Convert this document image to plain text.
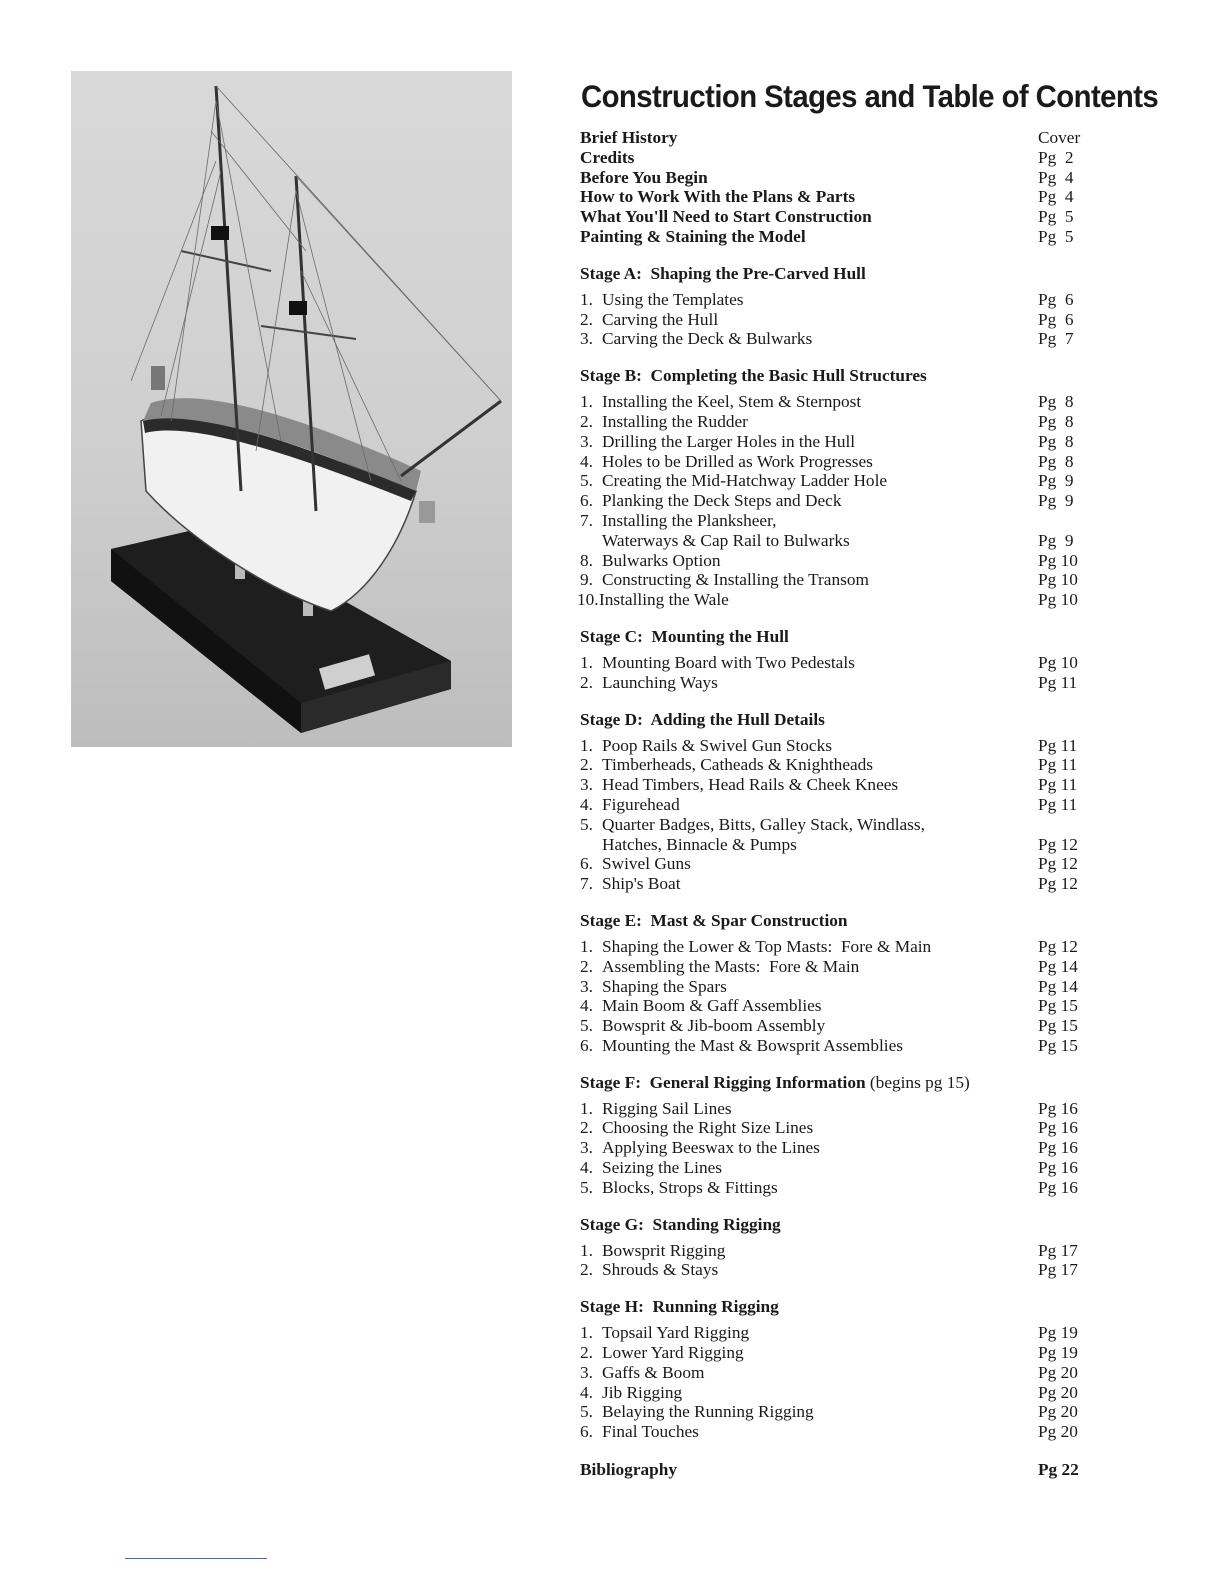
Construction Stages and Table of Contents
Brief History	Cover
Credits	Pg  2
Before You Begin	Pg  4
How to Work With the Plans & Parts	Pg  4
What You'll Need to Start Construction	Pg  5
Painting & Staining the Model	Pg  5
Stage A:  Shaping the Pre-Carved Hull
1. Using the Templates	Pg  6
2. Carving the Hull	Pg  6
3. Carving the Deck & Bulwarks	Pg  7
Stage B:  Completing the Basic Hull Structures
1. Installing the Keel, Stem & Sternpost	Pg  8
2. Installing the Rudder	Pg  8
3. Drilling the Larger Holes in the Hull	Pg  8
4. Holes to be Drilled as Work Progresses	Pg  8
5. Creating the Mid-Hatchway Ladder Hole	Pg  9
6. Planking the Deck Steps and Deck	Pg  9
7. Installing the Planksheer,
Waterways & Cap Rail to Bulwarks	Pg  9
8. Bulwarks Option	Pg 10
9. Constructing & Installing the Transom	Pg 10
10.Installing the Wale	Pg 10
Stage C:  Mounting the Hull
1. Mounting Board with Two Pedestals	Pg 10
2. Launching Ways	Pg 11
Stage D:  Adding the Hull Details
1. Poop Rails & Swivel Gun Stocks	Pg 11
2. Timberheads, Catheads & Knightheads	Pg 11
3. Head Timbers, Head Rails & Cheek Knees	Pg 11
4. Figurehead	Pg 11
5. Quarter Badges, Bitts, Galley Stack, Windlass,
Hatches, Binnacle & Pumps	Pg 12
6. Swivel Guns	Pg 12
7. Ship's Boat	Pg 12
Stage E:  Mast & Spar Construction
1. Shaping the Lower & Top Masts:  Fore & Main	Pg 12
2. Assembling the Masts:  Fore & Main	Pg 14
3. Shaping the Spars	Pg 14
4. Main Boom & Gaff Assemblies	Pg 15
5. Bowsprit & Jib-boom Assembly	Pg 15
6. Mounting the Mast & Bowsprit Assemblies	Pg 15
Stage F:  General Rigging Information (begins pg 15)
1. Rigging Sail Lines	Pg 16
2. Choosing the Right Size Lines	Pg 16
3. Applying Beeswax to the Lines	Pg 16
4. Seizing the Lines	Pg 16
5. Blocks, Strops & Fittings	Pg 16
Stage G:  Standing Rigging
1. Bowsprit Rigging	Pg 17
2. Shrouds & Stays	Pg 17
Stage H:  Running Rigging
1. Topsail Yard Rigging	Pg 19
2. Lower Yard Rigging	Pg 19
3. Gaffs & Boom	Pg 20
4. Jib Rigging	Pg 20
5. Belaying the Running Rigging	Pg 20
6. Final Touches	Pg 20
Bibliography	Pg 22
